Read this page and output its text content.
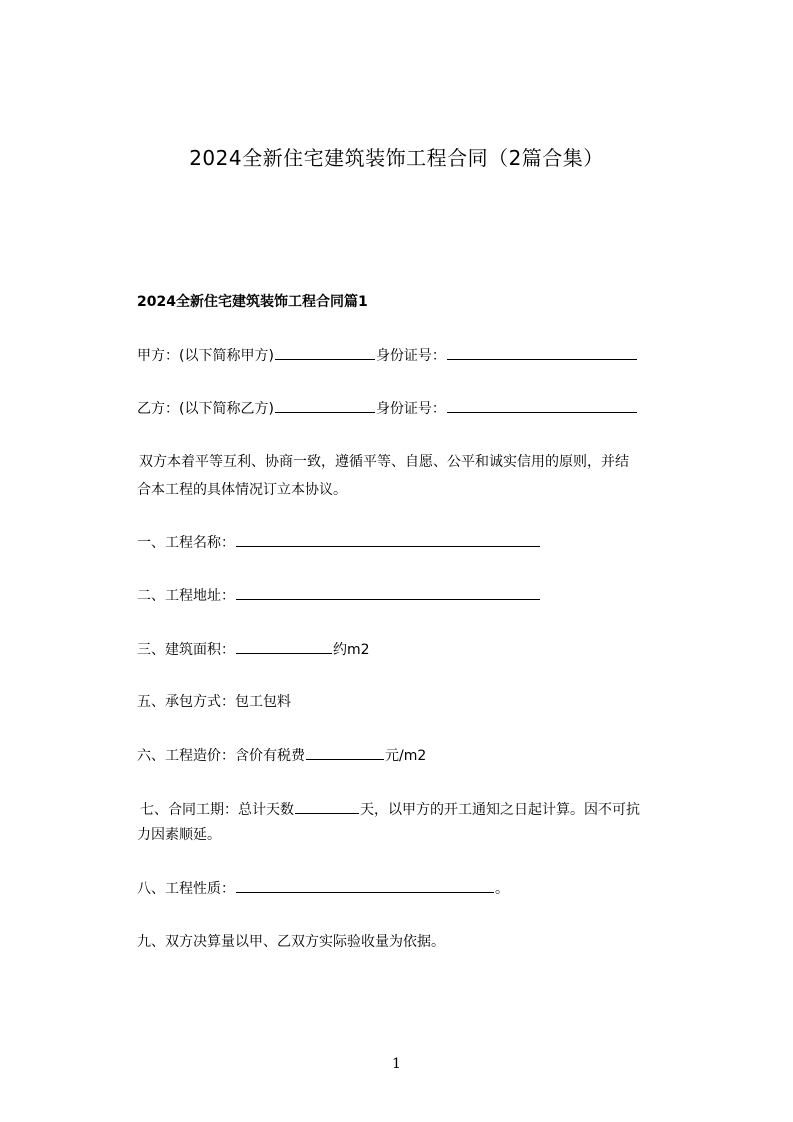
2024全新住宅建筑装饰工程合同（2篇合集）
2024全新住宅建筑装饰工程合同篇1
甲方：(以下简称甲方)	身份证号：
乙方：(以下简称乙方)	身份证号：
双方本着平等互利、协商一致，遵循平等、自愿、公平和诚实信用的原则，并结
合本工程的具体情况订立本协议。
一、工程名称：
二、工程地址：
三、建筑面积：	约m2
五、承包方式：包工包料
六、工程造价：含价有税费	元/m2
七、合同工期：总计天数	天，以甲方的开工通知之日起计算。因不可抗
力因素顺延。
八、工程性质：	。
九、双方决算量以甲、乙双方实际验收量为依据。
1
